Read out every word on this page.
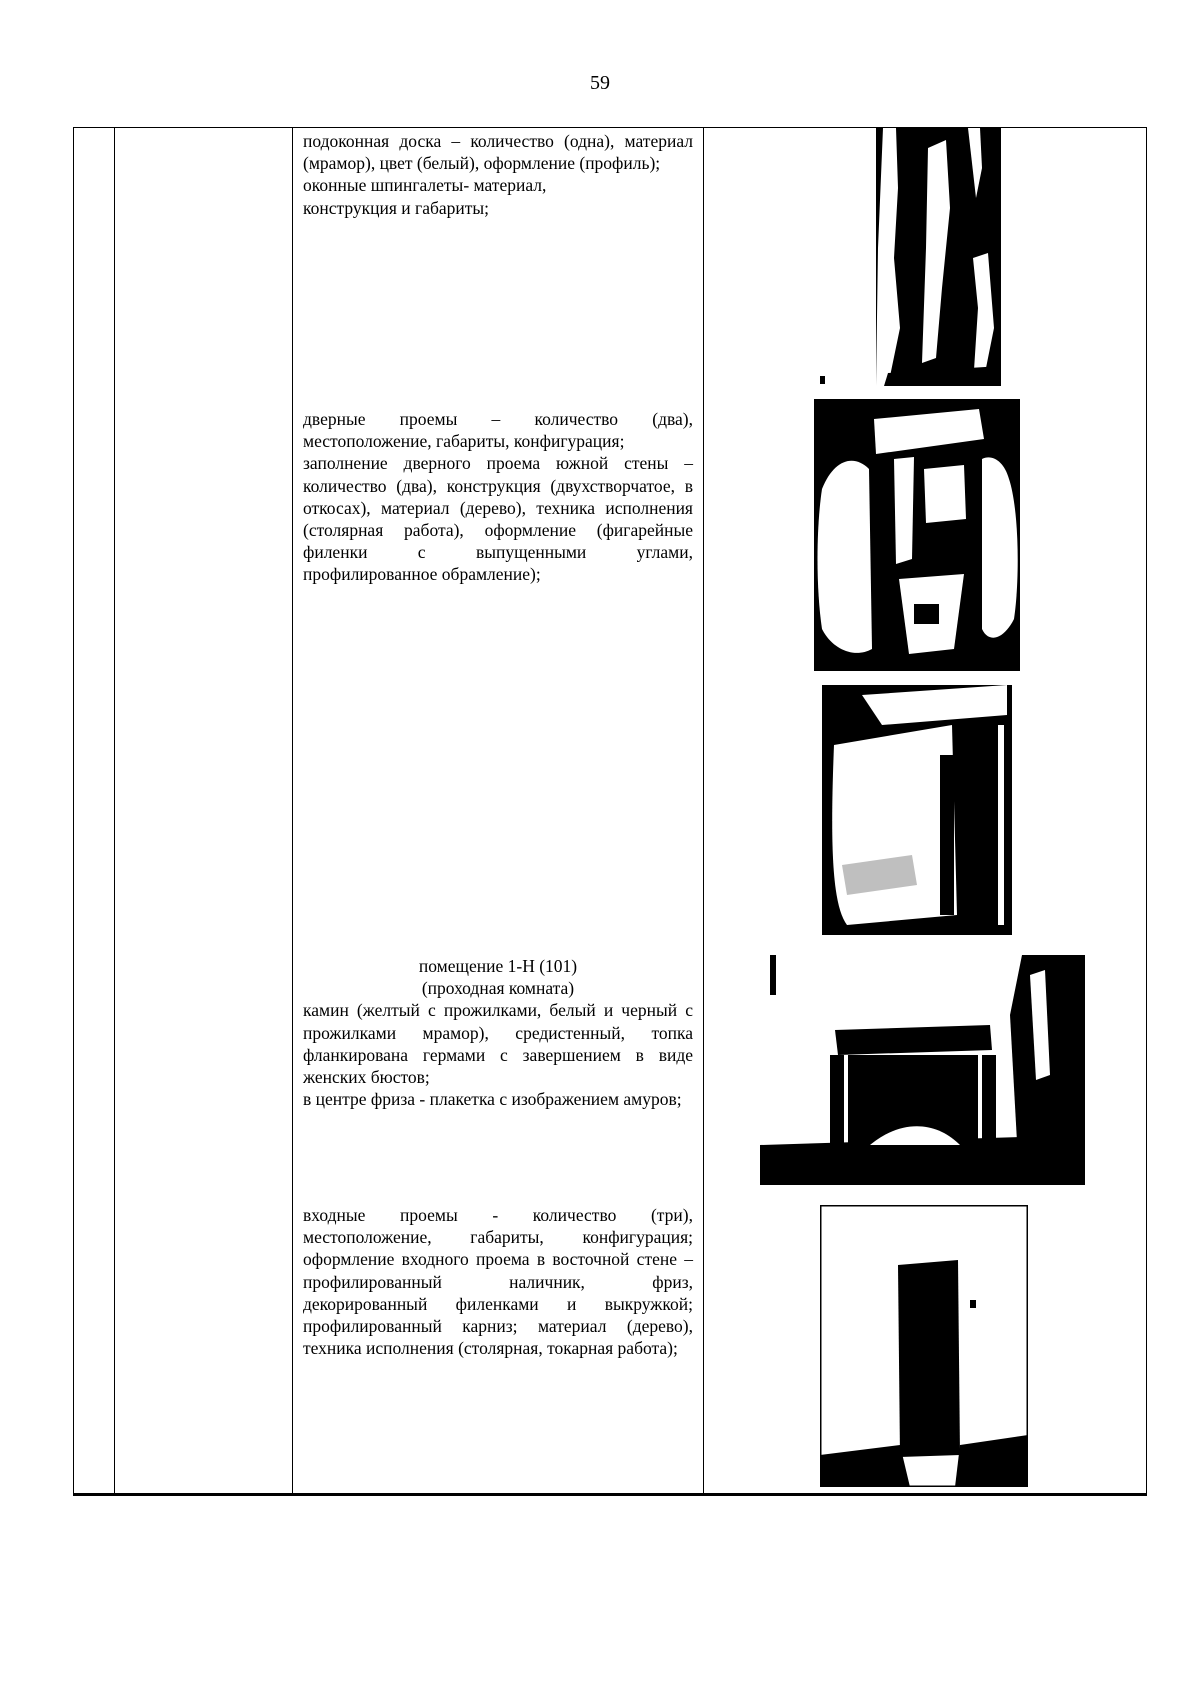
59

подоконная доска – количество (одна), материал (мрамор), цвет (белый), оформление (профиль);

оконные шпингалеты- материал, конструкция и габариты;

дверные проемы – количество (два), местоположение, габариты, конфигурация;

заполнение дверного проема южной стены – количество (два), конструкция (двухстворчатое, в откосах), материал (дерево), техника исполнения (столярная работа), оформление (фигарейные филенки с выпущенными углами, профилированное обрамление);

помещение 1-Н (101)

(проходная комната)

камин (желтый с прожилками, белый и черный с прожилками мрамор), средистенный, топка фланкирована гермами с завершением в виде женских бюстов;

в центре фриза - плакетка с изображением амуров;

входные проемы - количество (три), местоположение, габариты, конфигурация; оформление входного проема в восточной стене – профилированный наличник, фриз, декорированный филенками и выкружкой; профилированный карниз; материал (дерево), техника исполнения (столярная, токарная работа);
